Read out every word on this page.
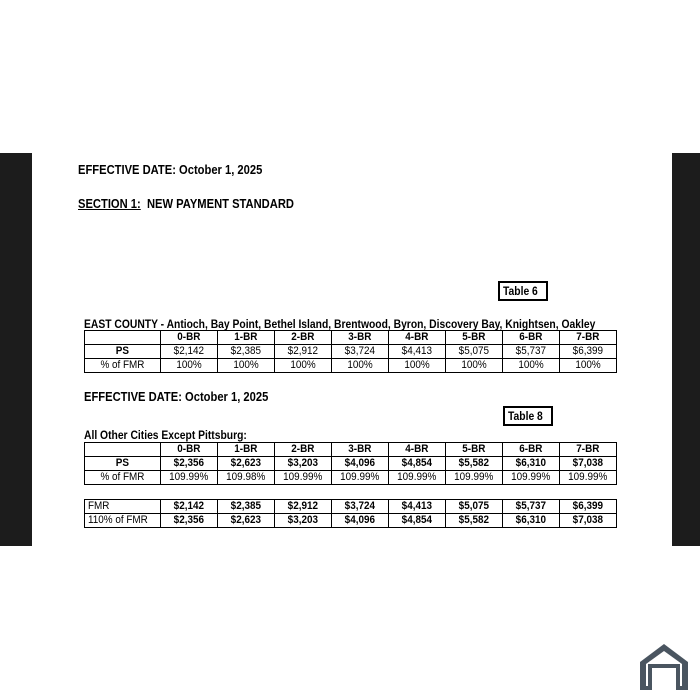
EFFECTIVE DATE: October 1, 2025
SECTION 1: NEW PAYMENT STANDARD
Table 6
EAST COUNTY - Antioch, Bay Point, Bethel Island, Brentwood, Byron, Discovery Bay, Knightsen, Oakley
	0-BR	1-BR	2-BR	3-BR	4-BR	5-BR	6-BR	7-BR
PS	$2,142	$2,385	$2,912	$3,724	$4,413	$5,075	$5,737	$6,399
% of FMR	100%	100%	100%	100%	100%	100%	100%	100%
EFFECTIVE DATE: October 1, 2025
Table 8
All Other Cities Except Pittsburg:
	0-BR	1-BR	2-BR	3-BR	4-BR	5-BR	6-BR	7-BR
PS	$2,356	$2,623	$3,203	$4,096	$4,854	$5,582	$6,310	$7,038
% of FMR	109.99%	109.98%	109.99%	109.99%	109.99%	109.99%	109.99%	109.99%
FMR	$2,142	$2,385	$2,912	$3,724	$4,413	$5,075	$5,737	$6,399
110% of FMR	$2,356	$2,623	$3,203	$4,096	$4,854	$5,582	$6,310	$7,038
